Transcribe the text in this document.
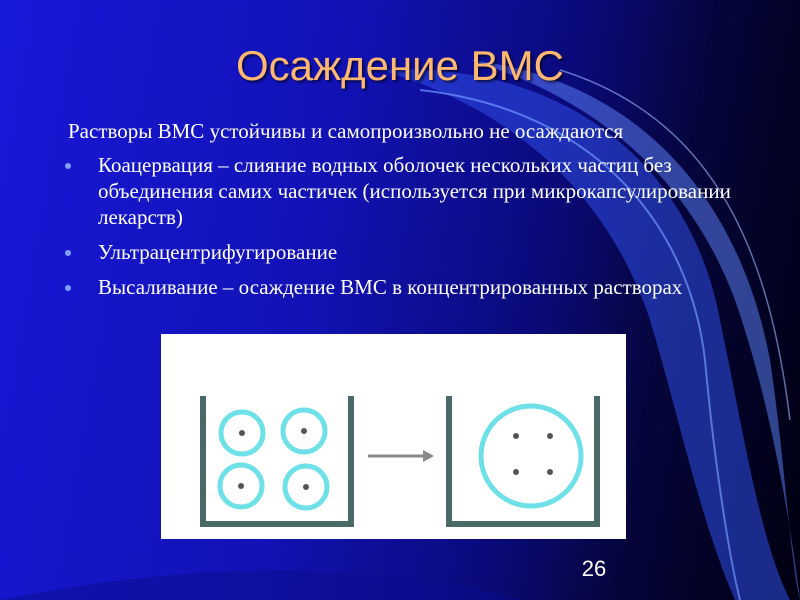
Осаждение ВМС

Растворы ВМС устойчивы и самопроизвольно не осаждаются

Коацервация – слияние водных оболочек нескольких частиц без объединения самих частичек (используется при микрокапсулировании лекарств)
Ультрацентрифугирование
Высаливание – осаждение ВМС в концентрированных растворах
26
